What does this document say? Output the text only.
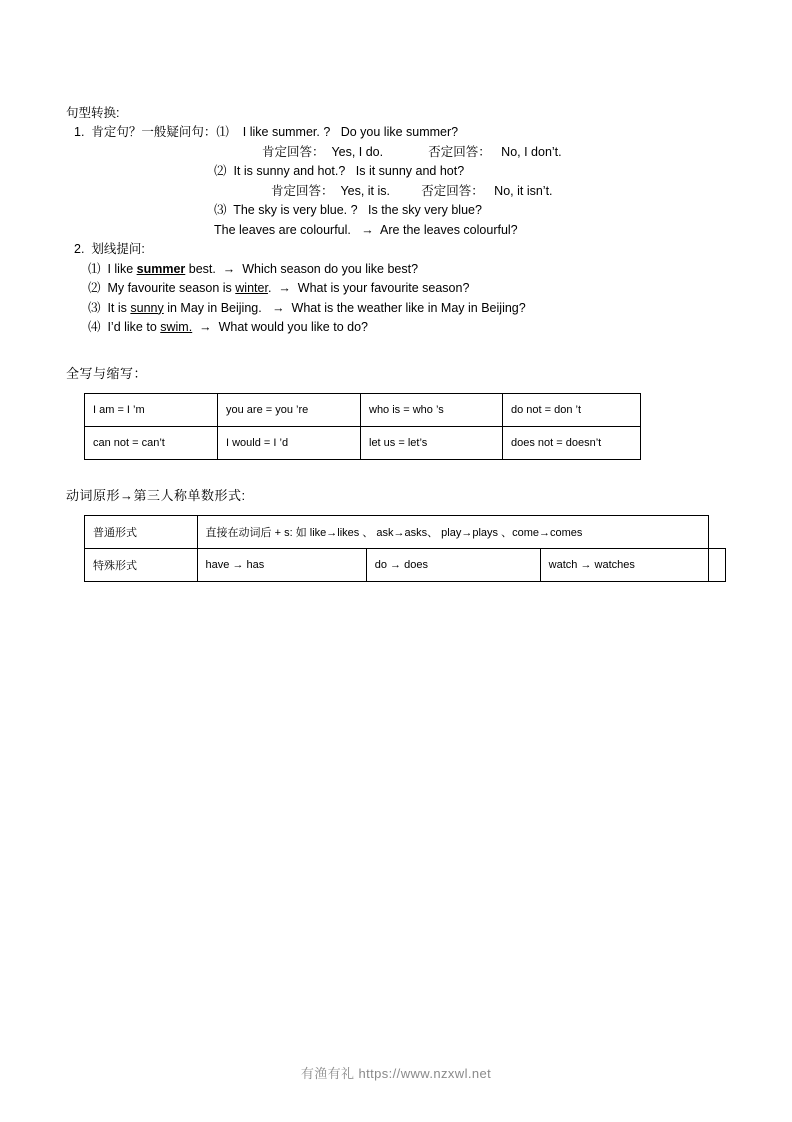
句型转换:
1.  肯定句？一般疑问句：⑴    I like summer. ?   Do you like summer?
肯定回答：  Yes, I do.             否定回答：   No, I don’t.
⑵  It is sunny and hot.?   Is it sunny and hot?
肯定回答：  Yes, it is.         否定回答：   No, it isn’t.
⑶  The sky is very blue. ?   Is the sky very blue?
The leaves are colourful.   →  Are the leaves colourful?
2.  划线提问:
⑴  I like summer best.  →  Which season do you like best?
⑵  My favourite season is winter.  →  What is your favourite season?
⑶  It is sunny in May in Beijing.   →  What is the weather like in May in Beijing?
⑷  I’d like to swim.  →  What would you like to do?
全写与缩写：
I am = I ’m	you are = you ’re	who is = who ’s	do not = don ’t
can not = can’t	I would = I ’d	let us = let’s	does not = doesn’t
动词原形→第三人称单数形式:
普通形式	直接在动词后 + s: 如 like→likes 、 ask→asks、 play→plays 、come→comes			
特殊形式	have → has	do → does	watch → watches	
有渔有礼 https://www.nzxwl.net
